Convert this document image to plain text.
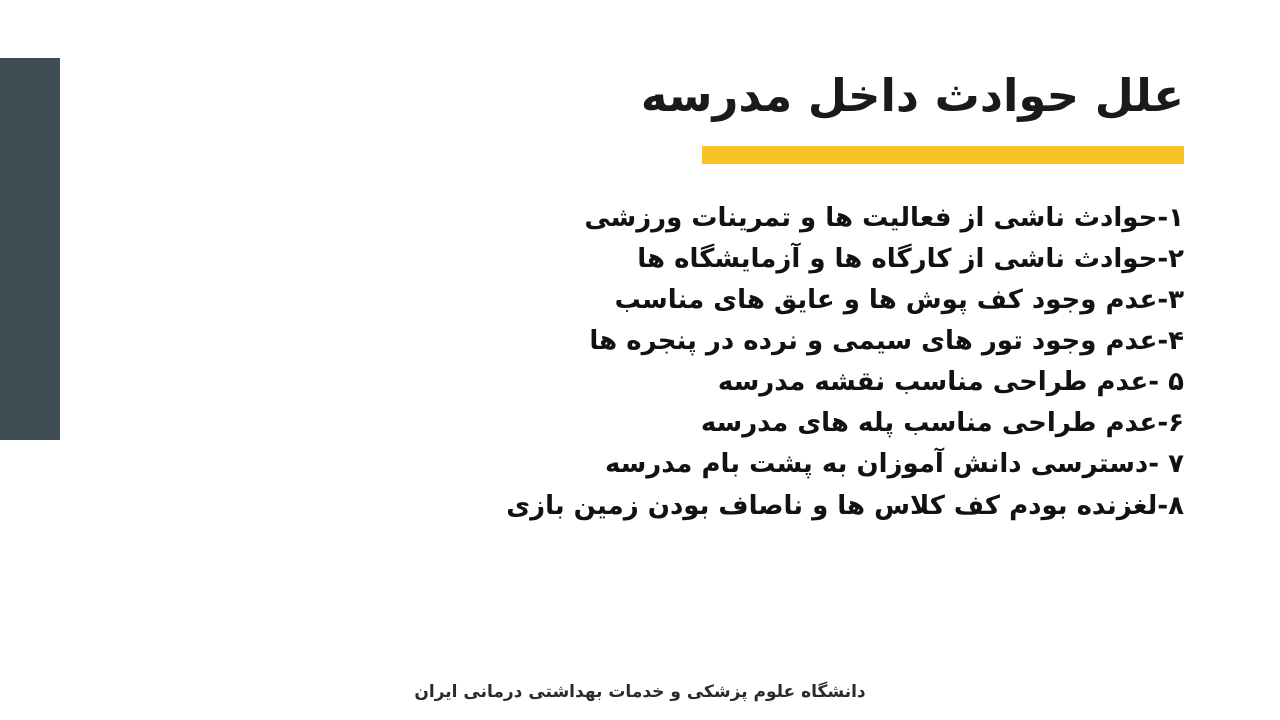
علل حوادث داخل مدرسه
۱-حوادث ناشی از فعالیت ها و تمرینات ورزشی
۲-حوادث ناشی از کارگاه ها و آزمایشگاه ها
۳-عدم وجود کف پوش ها و عایق های مناسب
۴-عدم وجود تور های سیمی و نرده در پنجره ها
۵ -عدم طراحی مناسب نقشه مدرسه
۶-عدم طراحی مناسب پله های مدرسه
۷ -دسترسی دانش آموزان به پشت بام مدرسه
۸-لغزنده بودم کف کلاس ها و ناصاف بودن زمین بازی
دانشگاه علوم پزشکی و خدمات بهداشتی درمانی ایران
